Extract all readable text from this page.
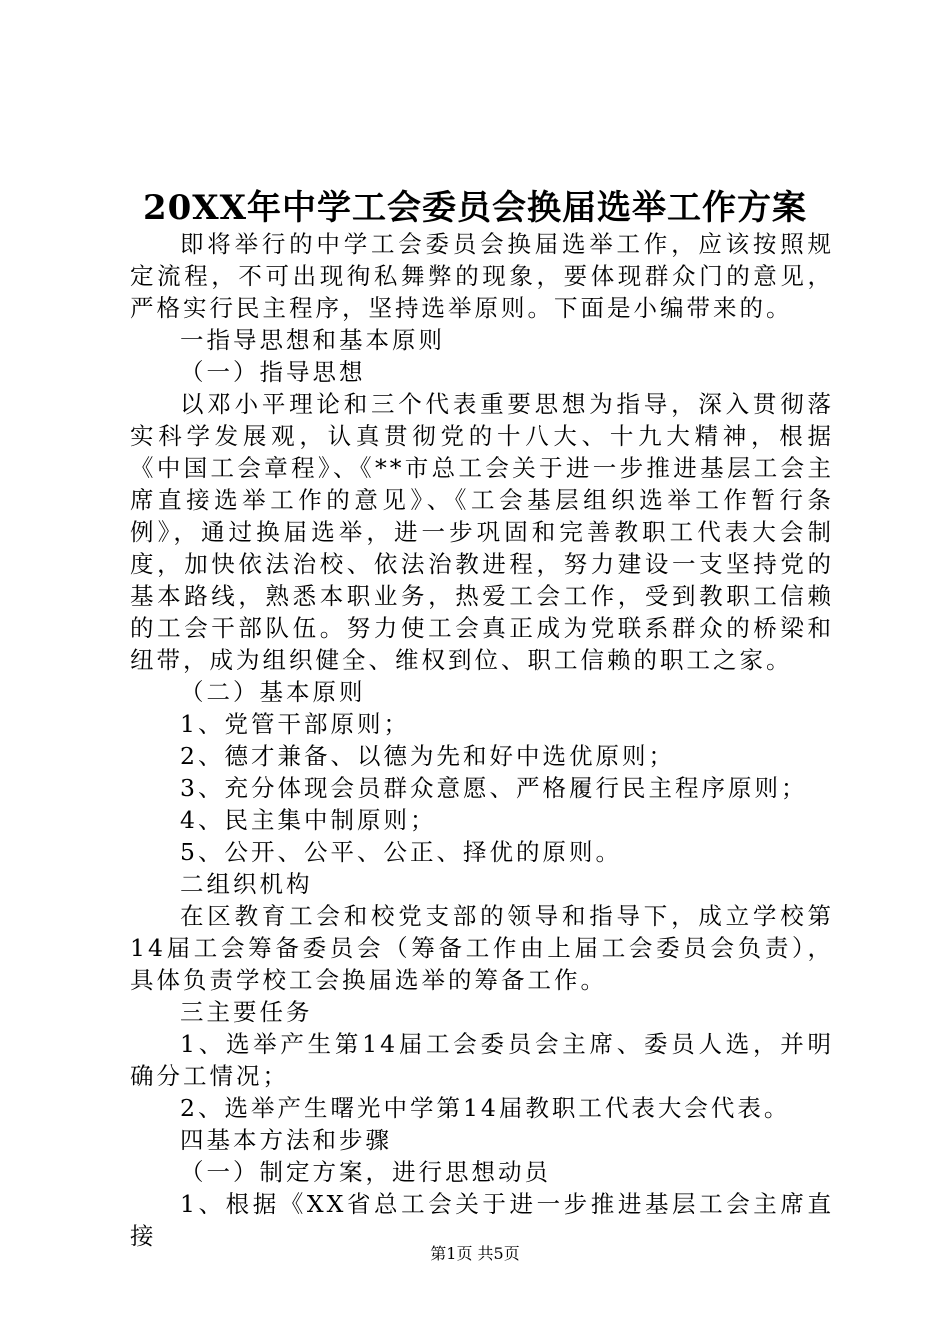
20XX年中学工会委员会换届选举工作方案

即将举行的中学工会委员会换届选举工作，应该按照规定流程，不可出现徇私舞弊的现象，要体现群众门的意见，严格实行民主程序，坚持选举原则。下面是小编带来的。

一指导思想和基本原则

（一）指导思想

以邓小平理论和三个代表重要思想为指导，深入贯彻落实科学发展观，认真贯彻党的十八大、十九大精神，根据《中国工会章程》、《**市总工会关于进一步推进基层工会主席直接选举工作的意见》、《工会基层组织选举工作暂行条例》，通过换届选举，进一步巩固和完善教职工代表大会制度，加快依法治校、依法治教进程，努力建设一支坚持党的基本路线，熟悉本职业务，热爱工会工作，受到教职工信赖的工会干部队伍。努力使工会真正成为党联系群众的桥梁和纽带，成为组织健全、维权到位、职工信赖的职工之家。

（二）基本原则

1、党管干部原则；

2、德才兼备、以德为先和好中选优原则；

3、充分体现会员群众意愿、严格履行民主程序原则；

4、民主集中制原则；

5、公开、公平、公正、择优的原则。

二组织机构

在区教育工会和校党支部的领导和指导下，成立学校第14届工会筹备委员会（筹备工作由上届工会委员会负责），具体负责学校工会换届选举的筹备工作。

三主要任务

1、选举产生第14届工会委员会主席、委员人选，并明确分工情况；

2、选举产生曙光中学第14届教职工代表大会代表。

四基本方法和步骤

（一）制定方案，进行思想动员

1、根据《XX省总工会关于进一步推进基层工会主席直接

第1页 共5页
